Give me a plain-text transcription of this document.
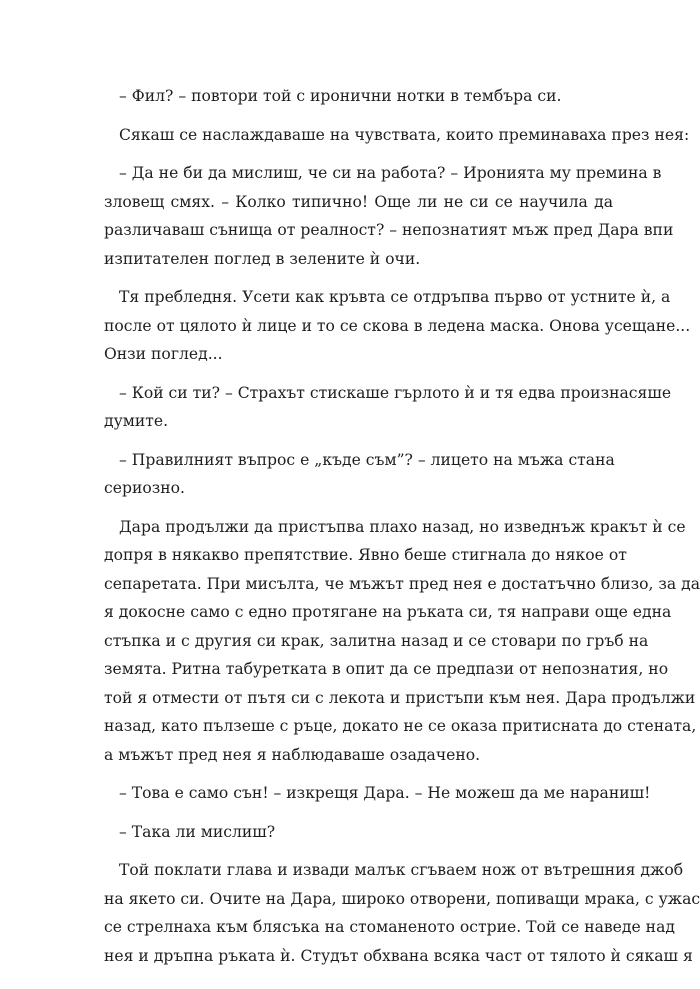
– Фил? – повтори той с иронични нотки в тембъра си.
Сякаш се наслаждаваше на чувствата, които преминаваха през нея:
– Да не би да мислиш, че си на работа? – Иронията му премина в
зловещ смях. – Колко типично! Още ли не си се научила да
различаваш сънища от реалност? – непознатият мъж пред Дара впи
изпитателен поглед в зелените ѝ очи.
Тя пребледня. Усети как кръвта се отдръпва първо от устните ѝ, а
после от цялото ѝ лице и то се скова в ледена маска. Онова усещане...
Онзи поглед...
– Кой си ти? – Страхът стискаше гърлото ѝ и тя едва произнасяше
думите.
– Правилният въпрос е „къде съм”? – лицето на мъжа стана
сериозно.
Дара продължи да пристъпва плахо назад, но изведнъж кракът ѝ се
допря в някакво препятствие. Явно беше стигнала до някое от
сепаретата. При мисълта, че мъжът пред нея е достатъчно близо, за да
я докосне само с едно протягане на ръката си, тя направи още една
стъпка и с другия си крак, залитна назад и се стовари по гръб на
земята. Ритна табуретката в опит да се предпази от непознатия, но
той я отмести от пътя си с лекота и пристъпи към нея. Дара продължи
назад, като пълзеше с ръце, докато не се оказа притисната до стената,
а мъжът пред нея я наблюдаваше озадачено.
– Това е само сън! – изкрещя Дара. – Не можеш да ме нараниш!
– Така ли мислиш?
Той поклати глава и извади малък сгъваем нож от вътрешния джоб
на якето си. Очите на Дара, широко отворени, попиващи мрака, с ужас
се стрелнаха към блясъка на стоманеното острие. Той се наведе над
нея и дръпна ръката ѝ. Студът обхвана всяка част от тялото ѝ сякаш я
